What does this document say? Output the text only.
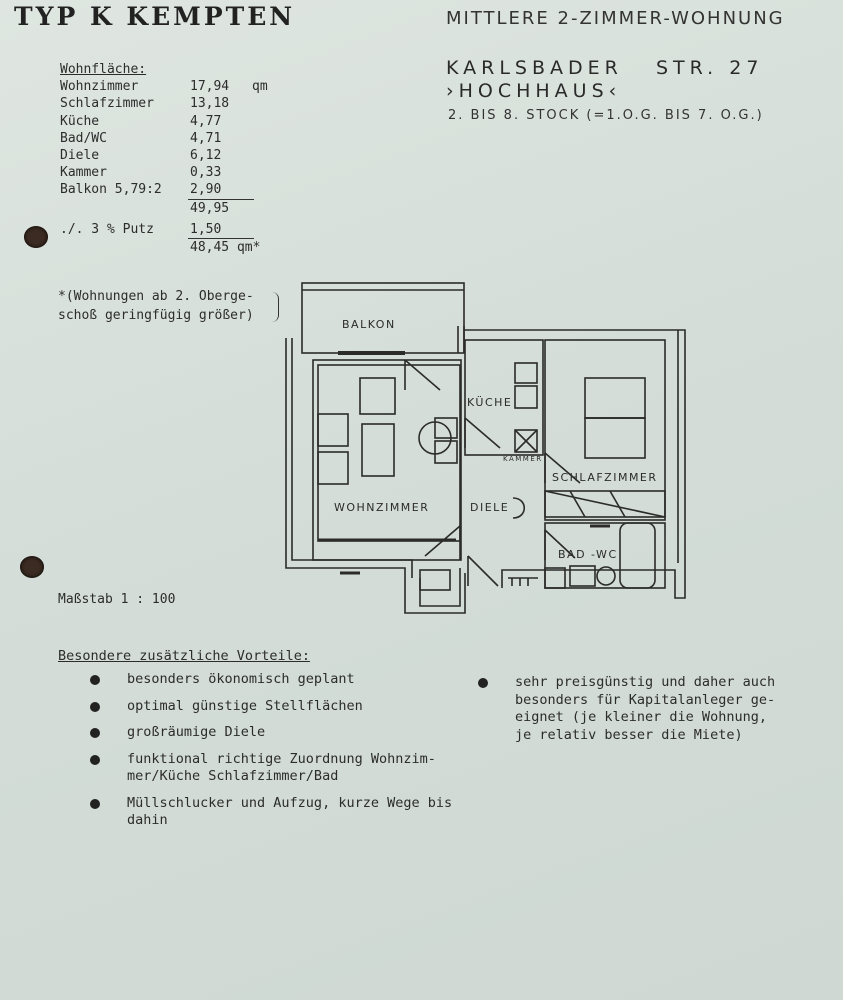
TYP K KEMPTEN	MITTLERE 2-ZIMMER-WOHNUNG
KARLSBADER   STR. 27
›HOCHHAUS‹
2. BIS 8. STOCK (=1.O.G. BIS 7. O.G.)
Wohnfläche:
Wohnzimmer	17,94	qm
Schlafzimmer	13,18
Küche	4,77
Bad/WC	4,71
Diele	6,12
Kammer	0,33
Balkon 5,79:2	2,90
49,95
./. 3 % Putz	1,50
48,45 qm*
*(Wohnungen ab 2. Oberge-
schoß geringfügig größer)
BALKON
KÜCHE
KAMMER
SCHLAFZIMMER
WOHNZIMMER	DIELE
BAD -WC
Maßstab 1 : 100
Besondere zusätzliche Vorteile:
besonders ökonomisch geplant
optimal günstige Stellflächen
großräumige Diele
funktional richtige Zuordnung Wohnzim-
mer/Küche Schlafzimmer/Bad
Müllschlucker und Aufzug, kurze Wege bis
dahin
sehr preisgünstig und daher auch
besonders für Kapitalanleger ge-
eignet (je kleiner die Wohnung,
je relativ besser die Miete)
